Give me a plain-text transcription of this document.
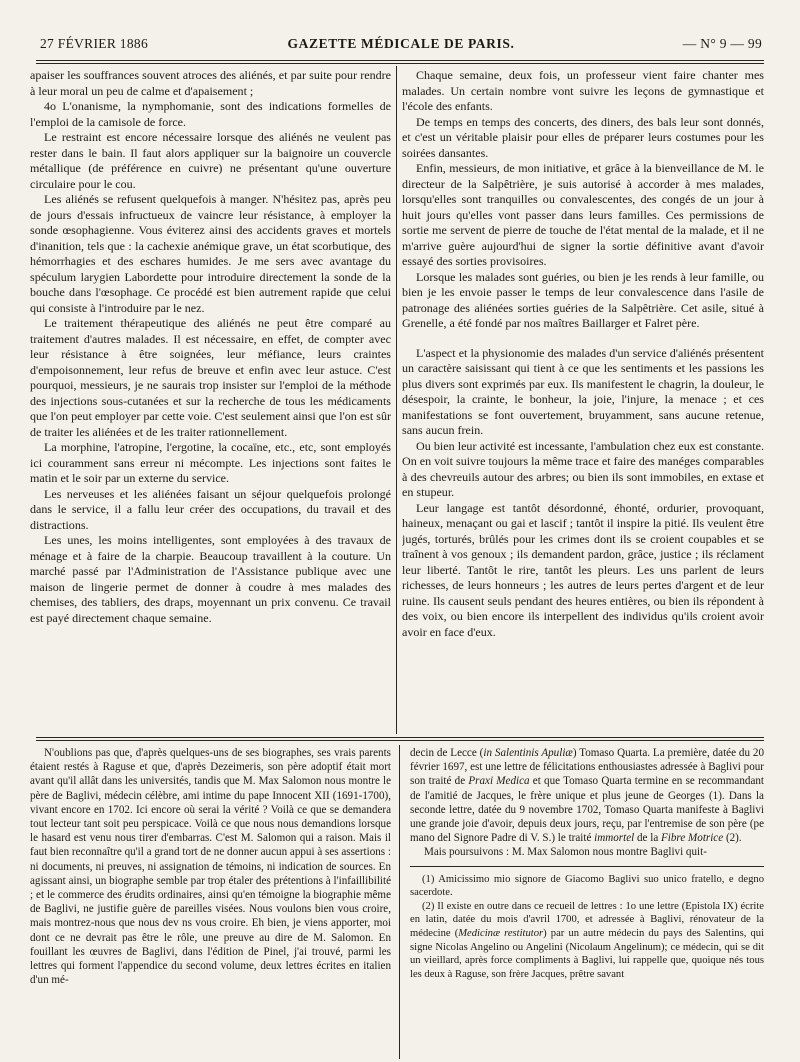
27 FÉVRIER 1886	GAZETTE MÉDICALE DE PARIS.	— N° 9 — 99

apaiser les souffrances souvent atroces des aliénés, et par suite pour rendre à leur moral un peu de calme et d'apaisement ;

4o L'onanisme, la nymphomanie, sont des indications formelles de l'emploi de la camisole de force.

Le restraint est encore nécessaire lorsque des aliénés ne veulent pas rester dans le bain. Il faut alors appliquer sur la baignoire un couvercle métallique (de préférence en cuivre) ne présentant qu'une ouverture circulaire pour le cou.

Les aliénés se refusent quelquefois à manger. N'hésitez pas, après peu de jours d'essais infructueux de vaincre leur résistance, à employer la sonde œsophagienne. Vous éviterez ainsi des accidents graves et mortels d'inanition, tels que : la cachexie anémique grave, un état scorbutique, des hémorrhagies et des eschares humides. Je me sers avec avantage du spéculum larygien Labordette pour introduire directement la sonde de la bouche dans l'œsophage. Ce procédé est bien autrement rapide que celui qui consiste à l'introduire par le nez.

Le traitement thérapeutique des aliénés ne peut être comparé au traitement d'autres malades. Il est nécessaire, en effet, de compter avec leur résistance à être soignées, leur méfiance, leurs craintes d'empoisonnement, leur refus de breuve et enfin avec leur astuce. C'est pourquoi, messieurs, je ne saurais trop insister sur l'emploi de la méthode des injections sous-cutanées et sur la recherche de tous les médicaments que l'on peut employer par cette voie. C'est seulement ainsi que l'on est sûr de traiter les aliénées et de les traiter rationnellement.

La morphine, l'atropine, l'ergotine, la cocaïne, etc., etc, sont employés ici couramment sans erreur ni mécompte. Les injections sont faites le matin et le soir par un externe du service.

Les nerveuses et les aliénées faisant un séjour quelquefois prolongé dans le service, il a fallu leur créer des occupations, du travail et des distractions.

Les unes, les moins intelligentes, sont employées à des travaux de ménage et à faire de la charpie. Beaucoup travaillent à la couture. Un marché passé par l'Administration de l'Assistance publique avec une maison de lingerie permet de donner à coudre à mes malades des chemises, des tabliers, des draps, moyennant un prix convenu. Ce travail est payé directement chaque semaine.

Chaque semaine, deux fois, un professeur vient faire chanter mes malades. Un certain nombre vont suivre les leçons de gymnastique et l'école des enfants.

De temps en temps des concerts, des diners, des bals leur sont donnés, et c'est un véritable plaisir pour elles de préparer leurs costumes pour les soirées dansantes.

Enfin, messieurs, de mon initiative, et grâce à la bienveillance de M. le directeur de la Salpêtrière, je suis autorisé à accorder à mes malades, lorsqu'elles sont tranquilles ou convalescentes, des congés de un jour à huit jours qu'elles vont passer dans leurs familles. Ces permissions de sortie me servent de pierre de touche de l'état mental de la malade, et il ne m'arrive guère aujourd'hui de signer la sortie définitive avant d'avoir essayé des sorties provisoires.

Lorsque les malades sont guéries, ou bien je les rends à leur famille, ou bien je les envoie passer le temps de leur convalescence dans l'asile de patronage des aliénées sorties guéries de la Salpêtrière. Cet asile, situé à Grenelle, a été fondé par nos maîtres Baillarger et Falret père.

L'aspect et la physionomie des malades d'un service d'aliénés présentent un caractère saisissant qui tient à ce que les sentiments et les passions les plus divers sont exprimés par eux. Ils manifestent le chagrin, la douleur, le désespoir, la crainte, le bonheur, la joie, l'injure, la menace ; et ces manifestations se font ouvertement, bruyamment, sans aucune retenue, sans aucun frein.

Ou bien leur activité est incessante, l'ambulation chez eux est constante. On en voit suivre toujours la même trace et faire des manéges comparables à des chevreuils autour des arbres; ou bien ils sont immobiles, en extase et en stupeur.

Leur langage est tantôt désordonné, éhonté, ordurier, provoquant, haineux, menaçant ou gai et lascif ; tantôt il inspire la pitié. Ils veulent être jugés, torturés, brûlés pour les crimes dont ils se croient coupables et se traînent à vos genoux ; ils demandent pardon, grâce, justice ; ils réclament leur liberté. Tantôt le rire, tantôt les pleurs. Les uns parlent de leurs richesses, de leurs honneurs ; les autres de leurs pertes d'argent et de leur ruine. Ils causent seuls pendant des heures entières, ou bien ils répondent à des voix, ou bien encore ils interpellent des individus qu'ils croient avoir avoir en face d'eux.

N'oublions pas que, d'après quelques-uns de ses biographes, ses vrais parents étaient restés à Raguse et que, d'après Dezeimeris, son père adoptif était mort avant qu'il allât dans les universités, tandis que M. Max Salomon nous montre le père de Baglivi, médecin célèbre, ami intime du pape Innocent XII (1691-1700), vivant encore en 1702. Ici encore où serai la vérité ? Voilà ce que se demandera tout lecteur tant soit peu perspicace. Voilà ce que nous nous demandions lorsque le hasard est venu nous tirer d'embarras. C'est M. Salomon qui a raison. Mais il faut bien reconnaître qu'il a grand tort de ne donner aucun appui à ses assertions : ni documents, ni preuves, ni assignation de témoins, ni indication de sources. En agissant ainsi, un biographe semble par trop étaler des prétentions à l'infaillibilité ; et le commerce des érudits ordinaires, ainsi qu'en témoigne la biographie même de Baglivi, ne justifie guère de pareilles visées. Nous voulons bien vous croire, mais montrez-nous que nous dev ns vous croire. Eh bien, je viens apporter, moi dont ce ne devrait pas être le rôle, une preuve au dire de M. Salomon. En fouillant les œuvres de Baglivi, dans l'édition de Pinel, j'ai trouvé, parmi les lettres qui forment l'appendice du second volume, deux lettres écrites en italien d'un mé-

decin de Lecce (in Salentinis Apuliæ) Tomaso Quarta. La première, datée du 20 février 1697, est une lettre de félicitations enthousiastes adressée à Baglivi pour son traité de Praxi Medica et que Tomaso Quarta termine en se recommandant de l'amitié de Jacques, le frère unique et plus jeune de Georges (1). Dans la seconde lettre, datée du 9 novembre 1702, Tomaso Quarta manifeste à Baglivi une grande joie d'avoir, depuis deux jours, reçu, par l'entremise de son père (pe mano del Signore Padre di V. S.) le traité immortel de la Fibre Motrice (2).

Mais poursuivons : M. Max Salomon nous montre Baglivi quit-

(1) Amicissimo mio signore de Giacomo Baglivi suo unico fratello, e degno sacerdote.

(2) Il existe en outre dans ce recueil de lettres : 1o une lettre (Epistola IX) écrite en latin, datée du mois d'avril 1700, et adressée à Baglivi, rénovateur de la médecine (Medicinæ restitutor) par un autre médecin du pays des Salentins, qui signe Nicolas Angelino ou Angelini (Nicolaum Angelinum); ce médecin, qui se dit un vieillard, après force compliments à Baglivi, lui rappelle que, quoique nés tous les deux à Raguse, son frère Jacques, prêtre savant
